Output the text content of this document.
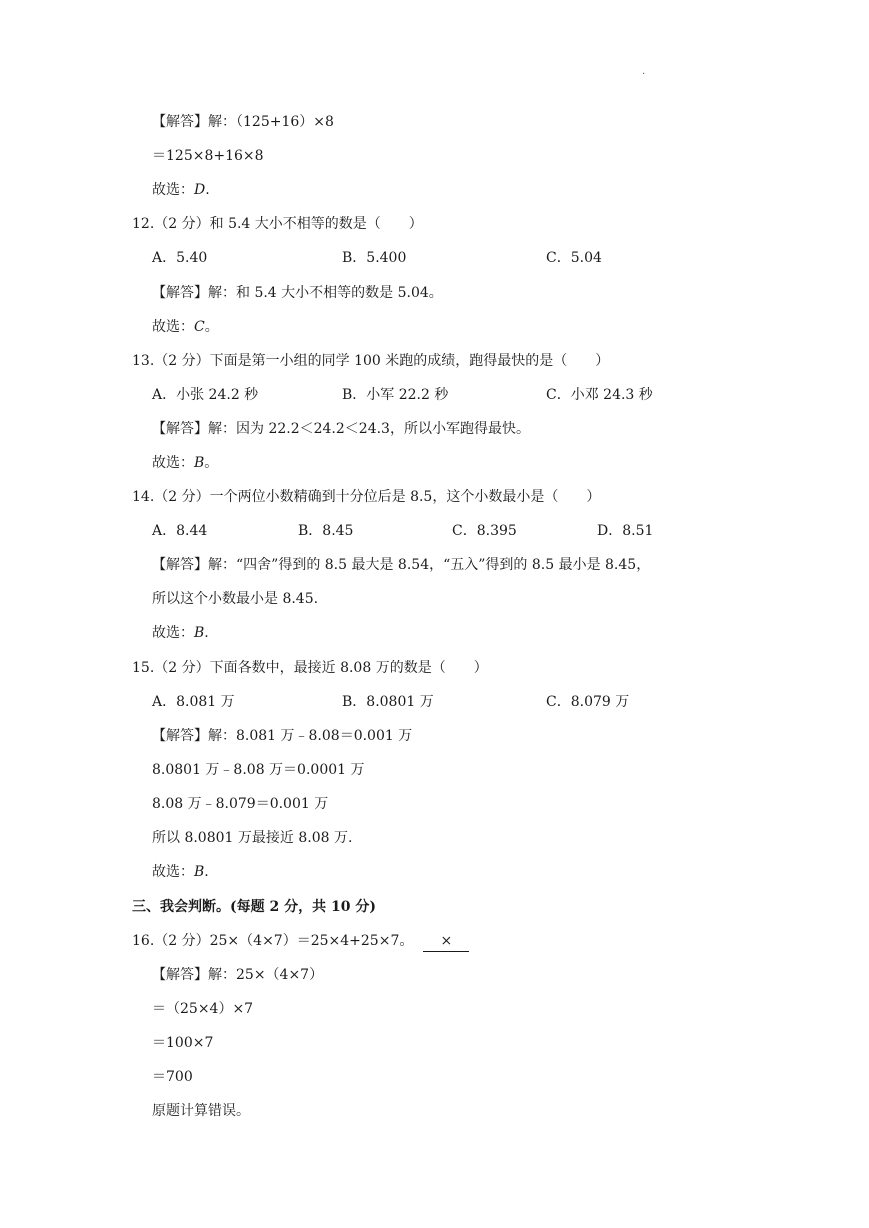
.
【解答】解：（125+16）×8
＝125×8+16×8
故选：D.
12.（2 分）和 5.4 大小不相等的数是（　　）
A．5.40	B．5.400	C．5.04
【解答】解：和 5.4 大小不相等的数是 5.04。
故选：C。
13.（2 分）下面是第一小组的同学 100 米跑的成绩，跑得最快的是（　　）
A．小张 24.2 秒	B．小军 22.2 秒	C．小邓 24.3 秒
【解答】解：因为 22.2＜24.2＜24.3，所以小军跑得最快。
故选：B。
14.（2 分）一个两位小数精确到十分位后是 8.5，这个小数最小是（　　）
A．8.44	B．8.45	C．8.395	D．8.51
【解答】解：“四舍”得到的 8.5 最大是 8.54，“五入”得到的 8.5 最小是 8.45，
所以这个小数最小是 8.45.
故选：B.
15.（2 分）下面各数中，最接近 8.08 万的数是（　　）
A．8.081 万	B．8.0801 万	C．8.079 万
【解答】解：8.081 万﹣8.08＝0.001 万
8.0801 万﹣8.08 万＝0.0001 万
8.08 万﹣8.079＝0.001 万
所以 8.0801 万最接近 8.08 万.
故选：B.
三、我会判断。(每题 2 分，共 10 分)
16.（2 分）25×（4×7）＝25×4+25×7。 ×
【解答】解：25×（4×7）
＝（25×4）×7
＝100×7
＝700
原题计算错误。
